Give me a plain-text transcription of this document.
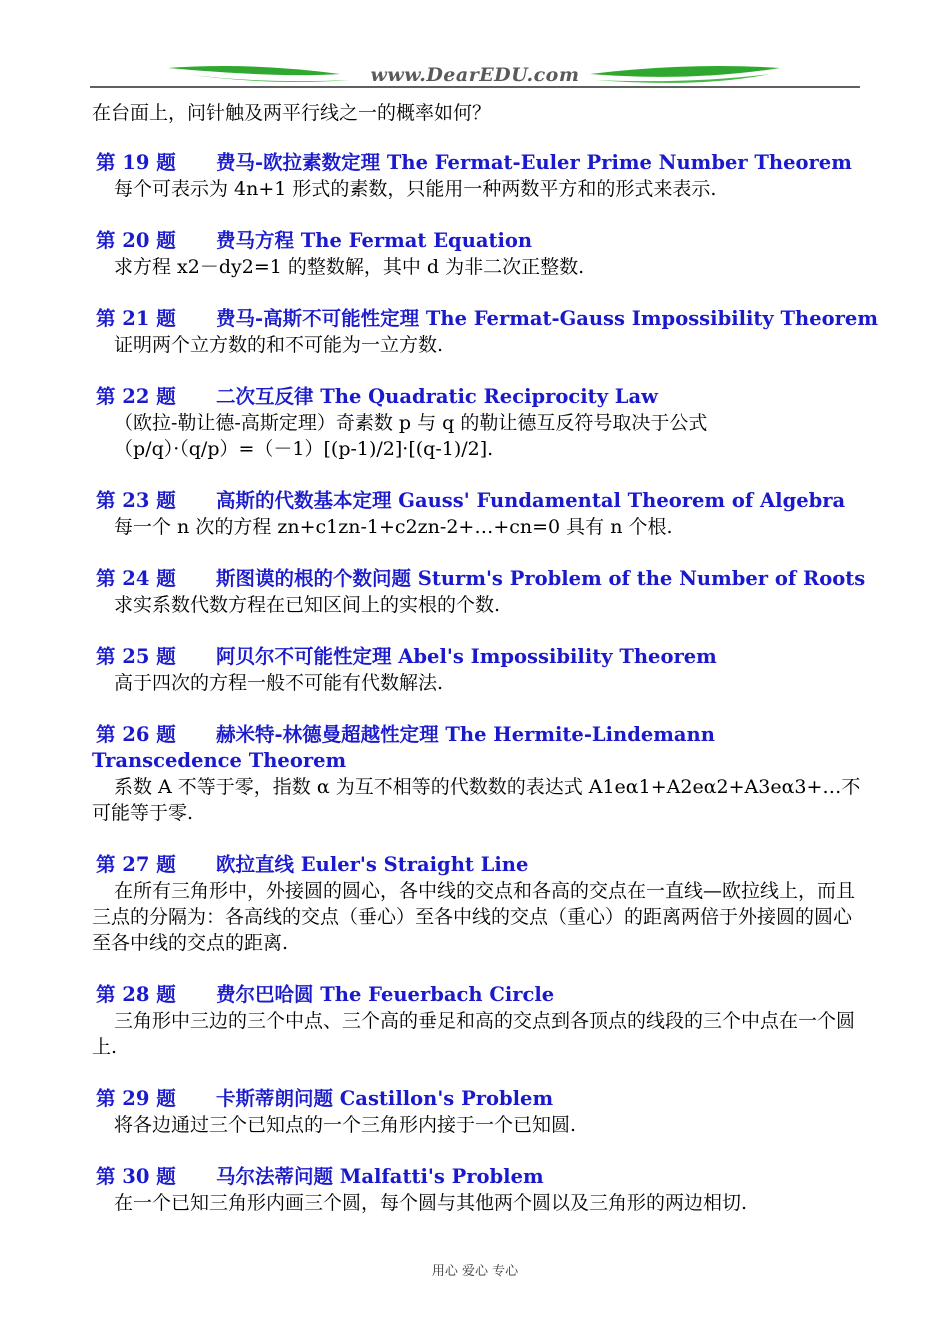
www.DearEDU.com
在台面上，问针触及两平行线之一的概率如何？
第 19 题 费马-欧拉素数定理 The Fermat-Euler Prime Number Theorem
每个可表示为 4n+1 形式的素数，只能用一种两数平方和的形式来表示.
第 20 题 费马方程 The Fermat Equation
求方程 x2－dy2=1 的整数解，其中 d 为非二次正整数.
第 21 题 费马-高斯不可能性定理 The Fermat-Gauss Impossibility Theorem
证明两个立方数的和不可能为一立方数.
第 22 题 二次互反律 The Quadratic Reciprocity Law
（欧拉-勒让德-高斯定理）奇素数 p 与 q 的勒让德互反符号取决于公式
（p/q）·（q/p）=（－1）[(p-1)/2]·[(q-1)/2].
第 23 题 高斯的代数基本定理 Gauss' Fundamental Theorem of Algebra
每一个 n 次的方程 zn+c1zn-1+c2zn-2+…+cn=0 具有 n 个根.
第 24 题 斯图谟的根的个数问题 Sturm's Problem of the Number of Roots
求实系数代数方程在已知区间上的实根的个数.
第 25 题 阿贝尔不可能性定理 Abel's Impossibility Theorem
高于四次的方程一般不可能有代数解法.
第 26 题 赫米特-林德曼超越性定理 The Hermite-Lindemann Transcedence Theorem
系数 A 不等于零，指数 α 为互不相等的代数数的表达式 A1eα1+A2eα2+A3eα3+…不可能等于零.
第 27 题 欧拉直线 Euler's Straight Line
在所有三角形中，外接圆的圆心，各中线的交点和各高的交点在一直线—欧拉线上，而且三点的分隔为：各高线的交点（垂心）至各中线的交点（重心）的距离两倍于外接圆的圆心至各中线的交点的距离.
第 28 题 费尔巴哈圆 The Feuerbach Circle
三角形中三边的三个中点、三个高的垂足和高的交点到各顶点的线段的三个中点在一个圆上.
第 29 题 卡斯蒂朗问题 Castillon's Problem
将各边通过三个已知点的一个三角形内接于一个已知圆.
第 30 题 马尔法蒂问题 Malfatti's Problem
在一个已知三角形内画三个圆，每个圆与其他两个圆以及三角形的两边相切.
用心 爱心 专心
